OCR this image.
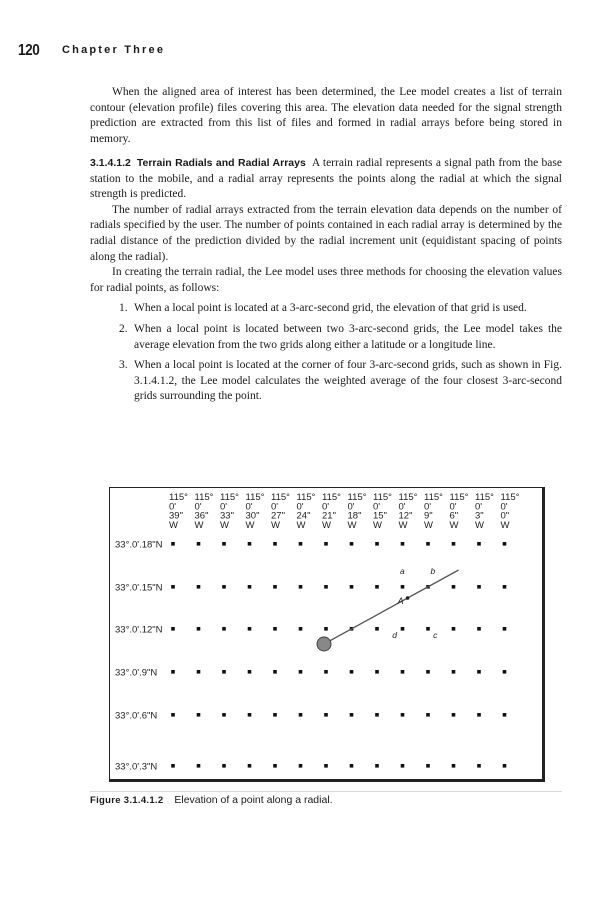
120 Chapter Three

When the aligned area of interest has been determined, the Lee model creates a list of terrain contour (elevation profile) files covering this area. The elevation data needed for the signal strength prediction are extracted from this list of files and formed in radial arrays before being stored in memory.

3.1.4.1.2 Terrain Radials and Radial Arrays A terrain radial represents a signal path from the base station to the mobile, and a radial array represents the points along the radial at which the signal strength is predicted.

The number of radial arrays extracted from the terrain elevation data depends on the number of radials specified by the user. The number of points contained in each radial array is determined by the radial distance of the prediction divided by the radial increment unit (equidistant spacing of points along the radial).

In creating the terrain radial, the Lee model uses three methods for choosing the elevation values for radial points, as follows:

1. When a local point is located at a 3-arc-second grid, the elevation of that grid is used.
2. When a local point is located between two 3-arc-second grids, the Lee model takes the average elevation from the two grids along either a latitude or a longitude line.
3. When a local point is located at the corner of four 3-arc-second grids, such as shown in Fig. 3.1.4.1.2, the Lee model calculates the weighted average of the four closest 3-arc-second grids surrounding the point.
115°
0'
39"
W
115°
0'
36"
W
115°
0'
33"
W
115°
0'
30"
W
115°
0'
27"
W
115°
0'
24"
W
115°
0'
21"
W
115°
0'
18"
W
115°
0'
15"
W
115°
0'
12"
W
115°
0'
9"
W
115°
0'
6"
W
115°
0'
3"
W
115°
0'
0"
W
33°.0'.18"N
33°.0'.15"N
33°.0'.12"N
33°.0'.9"N
33°.0'.6"N
33°.0'.3"N
A
a	b
c
d
Figure 3.1.4.1.2 Elevation of a point along a radial.
